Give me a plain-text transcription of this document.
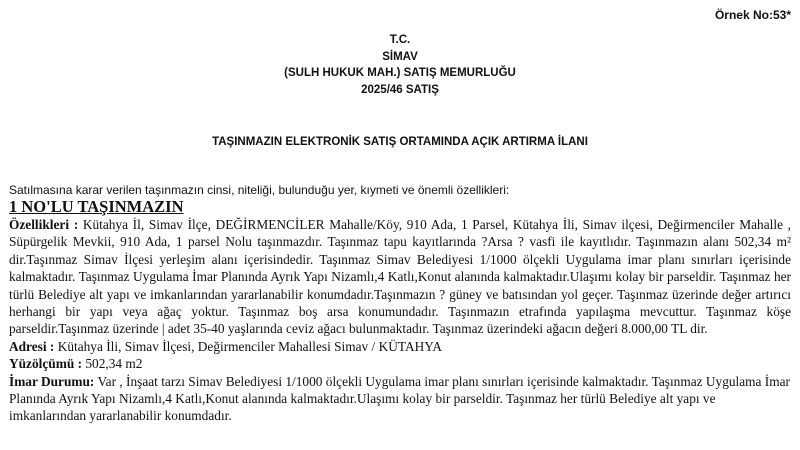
Örnek No:53*
T.C.
SİMAV
(SULH HUKUK MAH.) SATIŞ MEMURLUĞU
2025/46 SATIŞ
TAŞINMAZIN ELEKTRONİK SATIŞ ORTAMINDA AÇIK ARTIRMA İLANI
Satılmasına karar verilen taşınmazın cinsi, niteliği, bulunduğu yer, kıymeti ve önemli özellikleri:
1 NO'LU TAŞINMAZIN

Özellikleri : Kütahya İl, Simav İlçe, DEĞİRMENCİLER Mahalle/Köy, 910 Ada, 1 Parsel, Kütahya İli, Simav ilçesi, Değirmenciler Mahalle , Süpürgelik Mevkii, 910 Ada, 1 parsel Nolu taşınmazdır. Taşınmaz tapu kayıtlarında ?Arsa ? vasfi ile kayıtlıdır. Taşınmazın alanı 502,34 m² dir.Taşınmaz Simav İlçesi yerleşim alanı içerisindedir. Taşınmaz Simav Belediyesi 1/1000 ölçekli Uygulama imar planı sınırları içerisinde kalmaktadır. Taşınmaz Uygulama İmar Planında Ayrık Yapı Nizamlı,4 Katlı,Konut alanında kalmaktadır.Ulaşımı kolay bir parseldir. Taşınmaz her türlü Belediye alt yapı ve imkanlarından yararlanabilir konumdadır.Taşınmazın ? güney ve batısından yol geçer. Taşınmaz üzerinde değer artırıcı herhangi bir yapı veya ağaç yoktur. Taşınmaz boş arsa konumundadır. Taşınmazın etrafında yapılaşma mevcuttur. Taşınmaz köşe parseldir.Taşınmaz üzerinde | adet 35-40 yaşlarında ceviz ağacı bulunmaktadır. Taşınmaz üzerindeki ağacın değeri 8.000,00 TL dir.

Adresi : Kütahya İli, Simav İlçesi, Değirmenciler Mahallesi Simav / KÜTAHYA

Yüzölçümü : 502,34 m2

İmar Durumu: Var , İnşaat tarzı Simav Belediyesi 1/1000 ölçekli Uygulama imar planı sınırları içerisinde kalmaktadır. Taşınmaz Uygulama İmar Planında Ayrık Yapı Nizamlı,4 Katlı,Konut alanında kalmaktadır.Ulaşımı kolay bir parseldir. Taşınmaz her türlü Belediye alt yapı ve imkanlarından yararlanabilir konumdadır.
